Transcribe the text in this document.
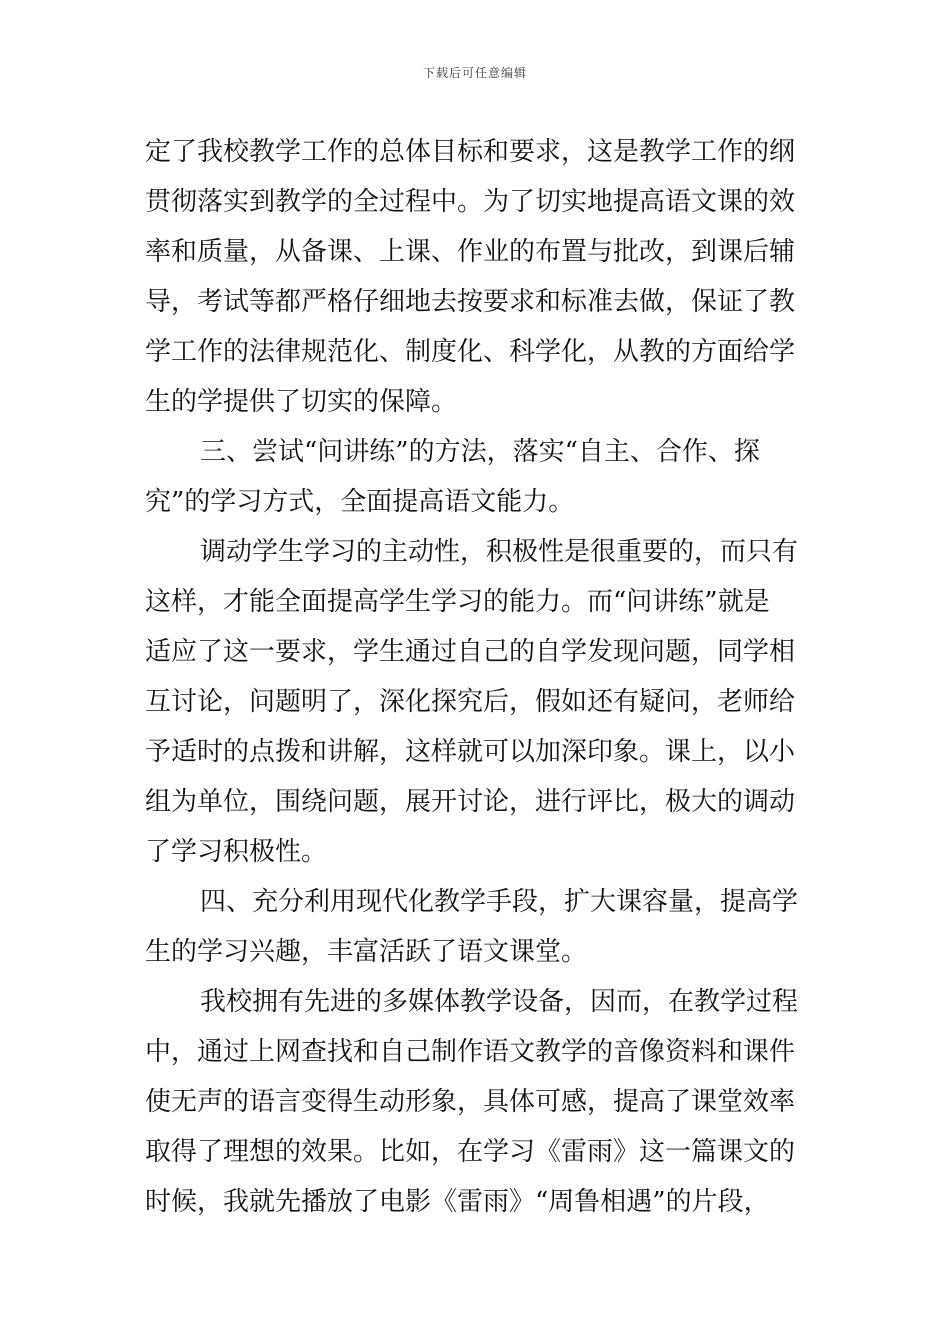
下载后可任意编辑
定了我校教学工作的总体目标和要求，这是教学工作的纲
贯彻落实到教学的全过程中。为了切实地提高语文课的效
率和质量，从备课、上课、作业的布置与批改，到课后辅
导，考试等都严格仔细地去按要求和标准去做，保证了教
学工作的法律规范化、制度化、科学化，从教的方面给学
生的学提供了切实的保障。
三、尝试“问讲练”的方法，落实“自主、合作、探
究”的学习方式，全面提高语文能力。
调动学生学习的主动性，积极性是很重要的，而只有
这样，才能全面提高学生学习的能力。而“问讲练”就是
适应了这一要求，学生通过自己的自学发现问题，同学相
互讨论，问题明了，深化探究后，假如还有疑问，老师给
予适时的点拨和讲解，这样就可以加深印象。课上，以小
组为单位，围绕问题，展开讨论，进行评比，极大的调动
了学习积极性。
四、充分利用现代化教学手段，扩大课容量，提高学
生的学习兴趣，丰富活跃了语文课堂。
我校拥有先进的多媒体教学设备，因而，在教学过程
中，通过上网查找和自己制作语文教学的音像资料和课件
使无声的语言变得生动形象，具体可感，提高了课堂效率
取得了理想的效果。比如，在学习《雷雨》这一篇课文的
时候，我就先播放了电影《雷雨》“周鲁相遇”的片段，
